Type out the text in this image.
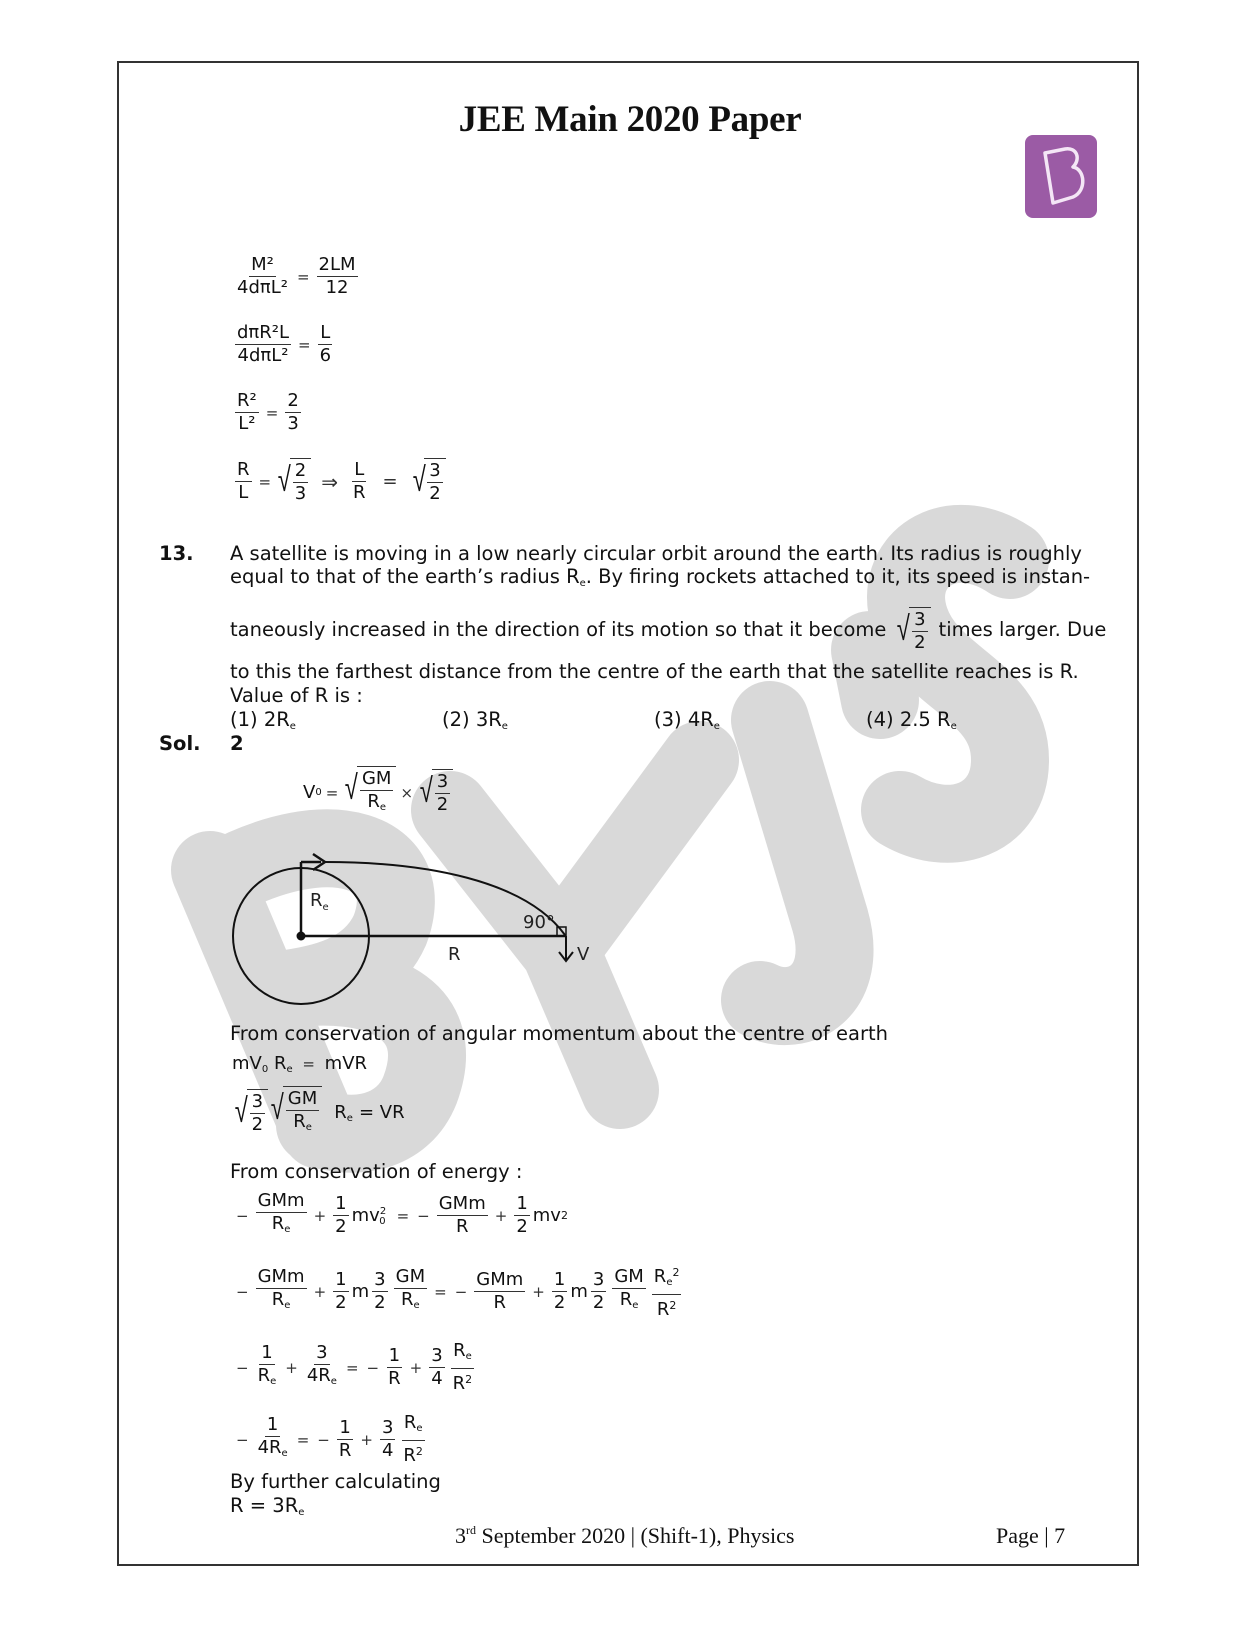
JEE Main 2020 Paper
$\frac{\text{M²}}{\text{4dπL²}} = \frac{2LM}{12}$
$\frac{\text{dπR²L}}{\text{4dπL²}} = \frac{L}{6}$
$\frac{\text{R²}}{\text{L²}} = \frac{2}{3}$
$\frac{R}{L}$ = √ $\frac{2}{3}$ ⇒ $\frac{L}{R}$ = √ $\frac{3}{2}$
13. A satellite is moving in a low nearly circular orbit around the earth. Its radius is roughly
equal to that of the earth’s radius $R_e$. By firing rockets attached to it, its speed is instan-
taneously increased in the direction of its motion so that it become √ $\frac{3}{2}$ times larger. Due
to this the farthest distance from the centre of the earth that the satellite reaches is R.
Value of R is :
(1) $2R_e$	(2) $3R_e$	(3) $4R_e$	(4) 2.5 $R_e$
Sol. 2
V 0 = √ $\frac{GM}{R_e}$ × √ $\frac{3}{2}$
$R_e$
R
90°
V
From conservation of angular momentum about the centre of earth
$mV_0$ $R_e$ = mVR
√ $\frac{3}{2}$ √ $\frac{GM}{R_e} R_e$ = VR
From conservation of energy :
− $\frac{\text{GMm}}{R_e} + \frac{1}{2}$ mv 2
0 = − $\frac{\text{GMm}}{R} + \frac{1}{2}$ mv 2
− $\frac{\text{GMm}}{R_e} + \frac{1}{2}$ m $\frac{3}{2} \frac{GM}{R_e}$ = − $\frac{\text{GMm}}{R} + \frac{1}{2}$ m $\frac{3}{2} \frac{GM}{R_e} \frac{R_e^2}{R^2}$
− $\frac{1}{R_e} + \frac{3}{4R_e}$ = − $\frac{1}{R} + \frac{3}{4} \frac{R_e}{R^2}$
− $\frac{1}{4R_e}$ = − $\frac{1}{R} + \frac{3}{4} \frac{R_e}{R^2}$
By further calculating
$R = 3R_e$
3rd September 2020 | (Shift-1), Physics	Page | 7
